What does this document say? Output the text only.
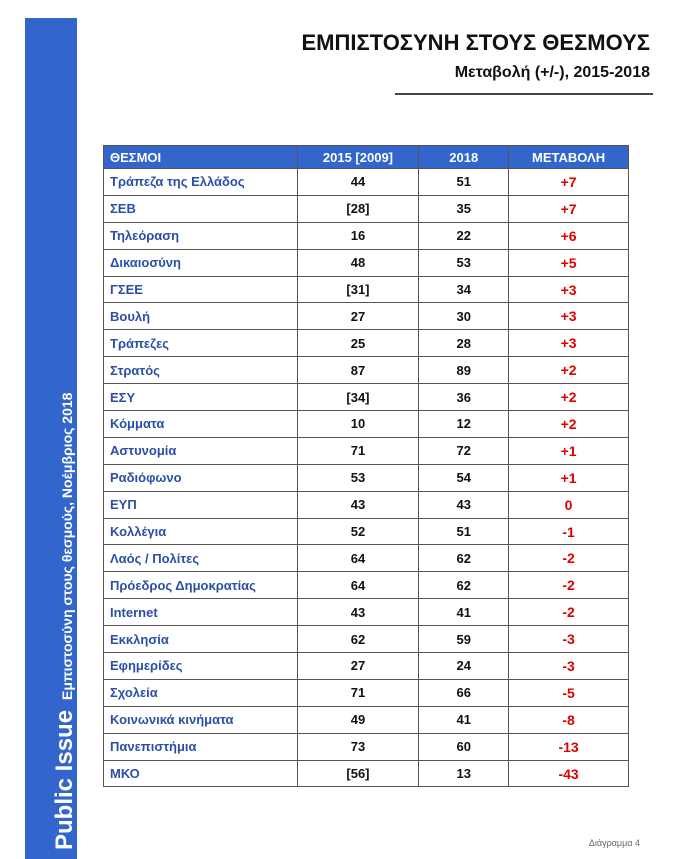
Public IssueΕμπιστοσύνη στους θεσμούς, Νοέμβριος 2018
ΕΜΠΙΣΤΟΣΥΝΗ ΣΤΟΥΣ ΘΕΣΜΟΥΣ
Μεταβολή (+/-), 2015-2018
ΘΕΣΜΟΙ	2015 [2009]	2018	ΜΕΤΑΒΟΛΗ
Τράπεζα της Ελλάδος	44	51	+7
ΣΕΒ	[28]	35	+7
Τηλεόραση	16	22	+6
Δικαιοσύνη	48	53	+5
ΓΣΕΕ	[31]	34	+3
Βουλή	27	30	+3
Τράπεζες	25	28	+3
Στρατός	87	89	+2
ΕΣΥ	[34]	36	+2
Κόμματα	10	12	+2
Αστυνομία	71	72	+1
Ραδιόφωνο	53	54	+1
ΕΥΠ	43	43	0
Κολλέγια	52	51	-1
Λαός / Πολίτες	64	62	-2
Πρόεδρος Δημοκρατίας	64	62	-2
Internet	43	41	-2
Εκκλησία	62	59	-3
Εφημερίδες	27	24	-3
Σχολεία	71	66	-5
Κοινωνικά κινήματα	49	41	-8
Πανεπιστήμια	73	60	-13
ΜΚΟ	[56]	13	-43
Διάγραμμα 4
